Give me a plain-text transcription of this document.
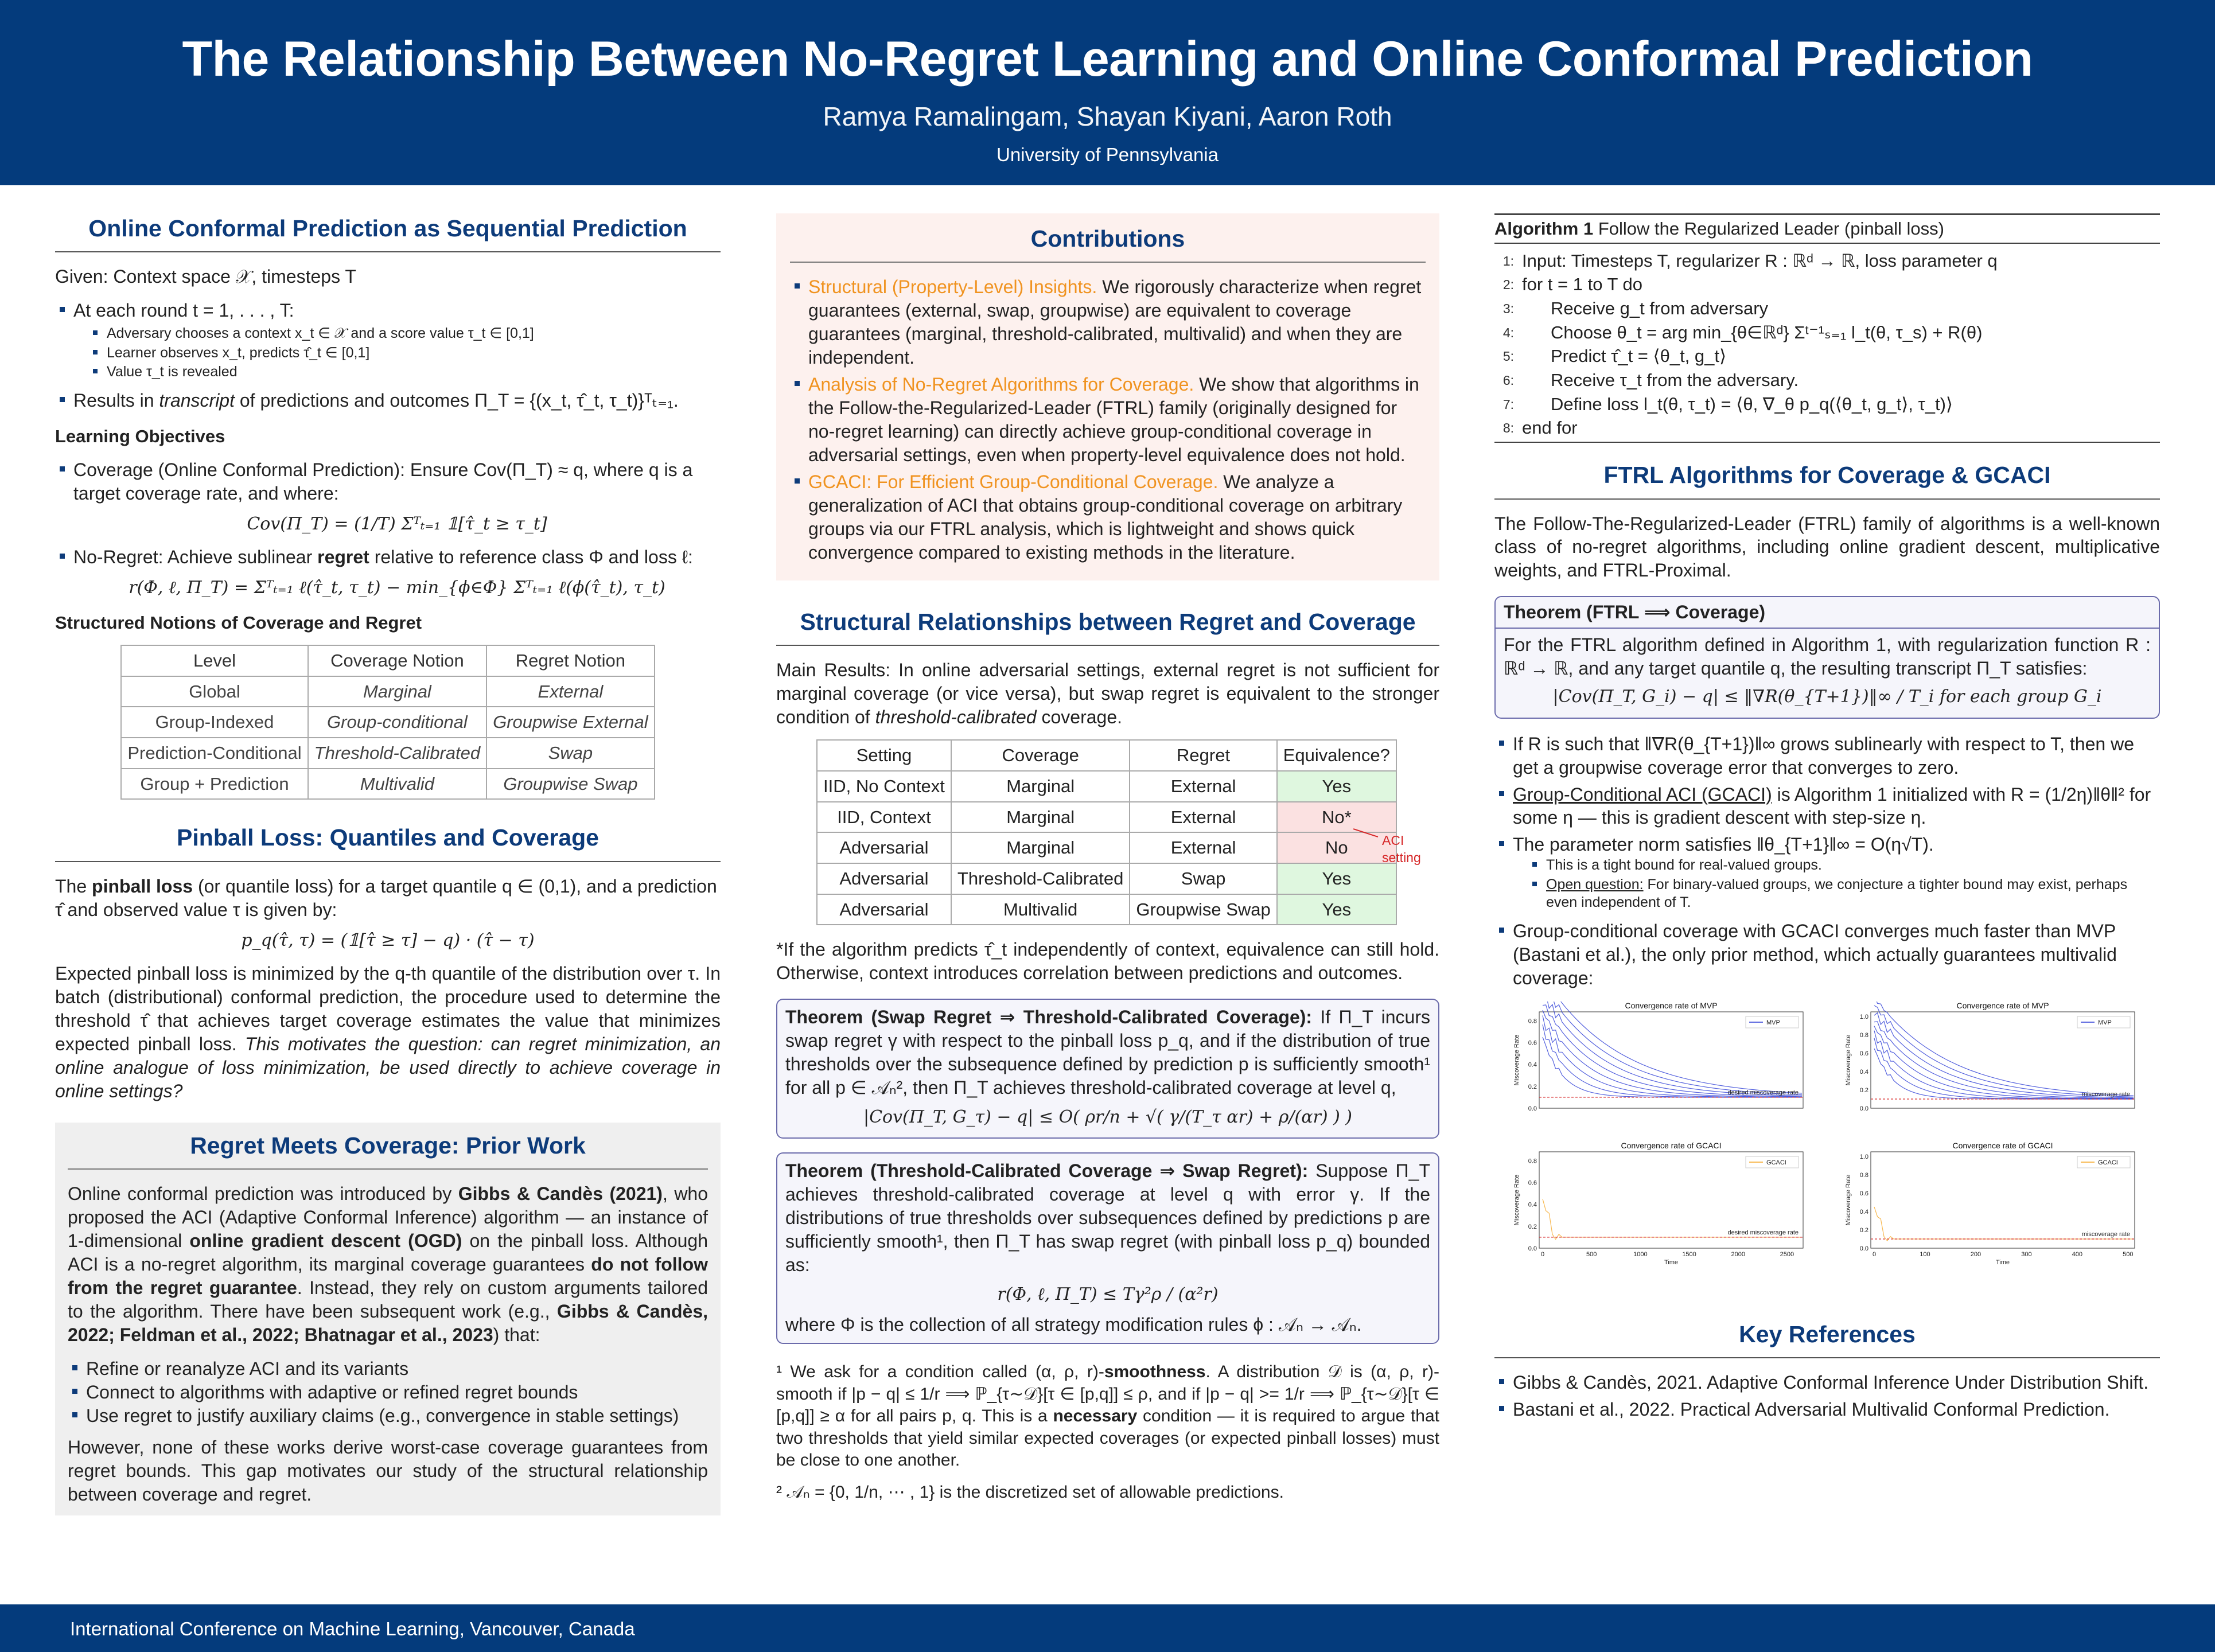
The Relationship Between No-Regret Learning and Online Conformal Prediction
Ramya Ramalingam, Shayan Kiyani, Aaron Roth
University of Pennsylvania
Online Conformal Prediction as Sequential Prediction

Given: Context space 𝒳, timesteps T

At each round t = 1, . . . , T:
Adversary chooses a context x_t ∈ 𝒳 and a score value τ_t ∈ [0,1]
Learner observes x_t, predicts τ̂_t ∈ [0,1]
Value τ_t is revealed
Results in transcript of predictions and outcomes Π_T = {(x_t, τ̂_t, τ_t)}ᵀₜ₌₁.
Learning Objectives
Coverage (Online Conformal Prediction): Ensure Cov(Π_T) ≈ q, where q is a target coverage rate, and where:
Cov(Π_T) = (1/T) Σᵀₜ₌₁ 𝟙[τ̂_t ≥ τ_t]
No-Regret: Achieve sublinear regret relative to reference class Φ and loss ℓ:
r(Φ, ℓ, Π_T) = Σᵀₜ₌₁ ℓ(τ̂_t, τ_t) − min_{ϕ∈Φ} Σᵀₜ₌₁ ℓ(ϕ(τ̂_t), τ_t)
Structured Notions of Coverage and Regret
Level	Coverage Notion	Regret Notion
Global	Marginal	External
Group-Indexed	Group-conditional	Groupwise External
Prediction-Conditional	Threshold-Calibrated	Swap
Group + Prediction	Multivalid	Groupwise Swap
Pinball Loss: Quantiles and Coverage

The pinball loss (or quantile loss) for a target quantile q ∈ (0,1), and a prediction τ̂ and observed value τ is given by:

p_q(τ̂, τ) = (𝟙[τ̂ ≥ τ] − q) · (τ̂ − τ)

Expected pinball loss is minimized by the q-th quantile of the distribution over τ. In batch (distributional) conformal prediction, the procedure used to determine the threshold τ̂ that achieves target coverage estimates the value that minimizes expected pinball loss. This motivates the question: can regret minimization, an online analogue of loss minimization, be used directly to achieve coverage in online settings?

Regret Meets Coverage: Prior Work

Online conformal prediction was introduced by Gibbs & Candès (2021), who proposed the ACI (Adaptive Conformal Inference) algorithm — an instance of 1-dimensional online gradient descent (OGD) on the pinball loss. Although ACI is a no-regret algorithm, its marginal coverage guarantees do not follow from the regret guarantee. Instead, they rely on custom arguments tailored to the algorithm. There have been subsequent work (e.g., Gibbs & Candès, 2022; Feldman et al., 2022; Bhatnagar et al., 2023) that:

Refine or reanalyze ACI and its variants
Connect to algorithms with adaptive or refined regret bounds
Use regret to justify auxiliary claims (e.g., convergence in stable settings)

However, none of these works derive worst-case coverage guarantees from regret bounds. This gap motivates our study of the structural relationship between coverage and regret.

Contributions
Structural (Property-Level) Insights. We rigorously characterize when regret guarantees (external, swap, groupwise) are equivalent to coverage guarantees (marginal, threshold-calibrated, multivalid) and when they are independent.
Analysis of No-Regret Algorithms for Coverage. We show that algorithms in the Follow-the-Regularized-Leader (FTRL) family (originally designed for no-regret learning) can directly achieve group-conditional coverage in adversarial settings, even when property-level equivalence does not hold.
GCACI: For Efficient Group-Conditional Coverage. We analyze a generalization of ACI that obtains group-conditional coverage on arbitrary groups via our FTRL analysis, which is lightweight and shows quick convergence compared to existing methods in the literature.
Structural Relationships between Regret and Coverage

Main Results: In online adversarial settings, external regret is not sufficient for marginal coverage (or vice versa), but swap regret is equivalent to the stronger condition of threshold-calibrated coverage.

Setting	Coverage	Regret	Equivalence?
IID, No Context	Marginal	External	Yes
IID, Context	Marginal	External	No*
Adversarial	Marginal	External	No
Adversarial	Threshold-Calibrated	Swap	Yes
Adversarial	Multivalid	Groupwise Swap	Yes
ACI setting

*If the algorithm predicts τ̂_t independently of context, equivalence can still hold. Otherwise, context introduces correlation between predictions and outcomes.

Theorem (Swap Regret ⇒ Threshold-Calibrated Coverage): If Π_T incurs swap regret γ with respect to the pinball loss p_q, and if the distribution of true thresholds over the subsequence defined by prediction p is sufficiently smooth¹ for all p ∈ 𝒜ₙ², then Π_T achieves threshold-calibrated coverage at level q,
|Cov(Π_T, G_τ) − q| ≤ O( ρr/n + √( γ/(T_τ αr) + ρ/(αr) ) )
Theorem (Threshold-Calibrated Coverage ⇒ Swap Regret): Suppose Π_T achieves threshold-calibrated coverage at level q with error γ. If the distributions of true thresholds over subsequences defined by predictions p are sufficiently smooth¹, then Π_T has swap regret (with pinball loss p_q) bounded as:
r(Φ, ℓ, Π_T) ≤ Tγ²ρ / (α²r)
where Φ is the collection of all strategy modification rules ϕ : 𝒜ₙ → 𝒜ₙ.

¹ We ask for a condition called (α, ρ, r)-smoothness. A distribution 𝒟 is (α, ρ, r)-smooth if |p − q| ≤ 1/r ⟹ ℙ_{τ∼𝒟}[τ ∈ [p,q]] ≤ ρ, and if |p − q| >= 1/r ⟹ ℙ_{τ∼𝒟}[τ ∈ [p,q]] ≥ α for all pairs p, q. This is a necessary condition — it is required to argue that two thresholds that yield similar expected coverages (or expected pinball losses) must be close to one another.

² 𝒜ₙ = {0, 1/n, ⋯ , 1} is the discretized set of allowable predictions.

Algorithm 1 Follow the Regularized Leader (pinball loss)
1: Input: Timesteps T, regularizer R : ℝᵈ → ℝ, loss parameter q
2: for t = 1 to T do
3:	Receive g_t from adversary
4:	Choose θ_t = arg min_{θ∈ℝᵈ} Σᵗ⁻¹ₛ₌₁ l_t(θ, τ_s) + R(θ)
5:	Predict τ̂_t = ⟨θ_t, g_t⟩
6:	Receive τ_t from the adversary.
7:	Define loss l_t(θ, τ_t) = ⟨θ, ∇_θ p_q(⟨θ_t, g_t⟩, τ_t)⟩
8: end for
FTRL Algorithms for Coverage & GCACI

The Follow-The-Regularized-Leader (FTRL) family of algorithms is a well-known class of no-regret algorithms, including online gradient descent, multiplicative weights, and FTRL-Proximal.

Theorem (FTRL ⟹ Coverage)
For the FTRL algorithm defined in Algorithm 1, with regularization function R : ℝᵈ → ℝ, and any target quantile q, the resulting transcript Π_T satisfies:
|Cov(Π_T, G_i) − q| ≤ ‖∇R(θ_{T+1})‖∞ / T_i for each group G_i
If R is such that ‖∇R(θ_{T+1})‖∞ grows sublinearly with respect to T, then we get a groupwise coverage error that converges to zero.
Group-Conditional ACI (GCACI) is Algorithm 1 initialized with R = (1/2η)‖θ‖² for some η — this is gradient descent with step-size η.
The parameter norm satisfies ‖θ_{T+1}‖∞ = O(η√T).
This is a tight bound for real-valued groups.
Open question: For binary-valued groups, we conjecture a tighter bound may exist, perhaps even independent of T.
Group-conditional coverage with GCACI converges much faster than MVP (Bastani et al.), the only prior method, which actually guarantees multivalid coverage:
Convergence rate of MVP
0.0
0.2
0.4
0.6
0.8
Miscoverage Rate
desired miscoverage rate
MVP
Convergence rate of MVP
0.0
0.2
0.4
0.6
0.8
1.0
Miscoverage Rate
miscoverage rate
MVP
Convergence rate of GCACI
0.0
0.2
0.4
0.6
0.8
0	500	1000	1500	2000	2500
Time
Miscoverage Rate
desired miscoverage rate
GCACI
Convergence rate of GCACI
0.0
0.2
0.4
0.6
0.8
1.0
0	100	200	300	400	500
Time
Miscoverage Rate
miscoverage rate
GCACI
Key References
Gibbs & Candès, 2021. Adaptive Conformal Inference Under Distribution Shift.
Bastani et al., 2022. Practical Adversarial Multivalid Conformal Prediction.
International Conference on Machine Learning, Vancouver, Canada
